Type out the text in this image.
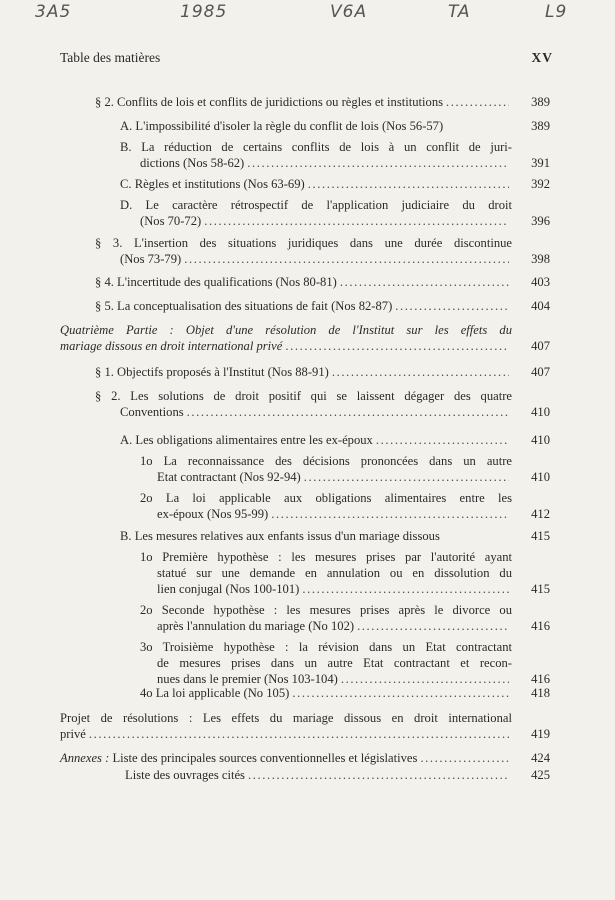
3A5	1985	V6A	TA	L9
Table des matières	XV
§ 2. Conflits de lois et conflits de juridictions ou règles et institutions .....	389
A. L'impossibilité d'isoler la règle du conflit de lois (Nos 56-57)	389
B. La réduction de certains conflits de lois à un conflit de juri-
dictions (Nos 58-62) .....	391
C. Règles et institutions (Nos 63-69) .....	392
D. Le caractère rétrospectif de l'application judiciaire du droit
(Nos 70-72) .....	396
§ 3. L'insertion des situations juridiques dans une durée discontinue
(Nos 73-79) .....	398
§ 4. L'incertitude des qualifications (Nos 80-81) .....	403
§ 5. La conceptualisation des situations de fait (Nos 82-87) .....	404
Quatrième Partie : Objet d'une résolution de l'Institut sur les effets du
mariage dissous en droit international privé .....	407
§ 1. Objectifs proposés à l'Institut (Nos 88-91) .....	407
§ 2. Les solutions de droit positif qui se laissent dégager des quatre
Conventions .....	410
A. Les obligations alimentaires entre les ex-époux .....	410
1o La reconnaissance des décisions prononcées dans un autre
Etat contractant (Nos 92-94) .....	410
2o La loi applicable aux obligations alimentaires entre les
ex-époux (Nos 95-99) .....	412
B. Les mesures relatives aux enfants issus d'un mariage dissous	415
1o Première hypothèse : les mesures prises par l'autorité ayant
statué sur une demande en annulation ou en dissolution du
lien conjugal (Nos 100-101) .....	415
2o Seconde hypothèse : les mesures prises après le divorce ou
après l'annulation du mariage (No 102) .....	416
3o Troisième hypothèse : la révision dans un Etat contractant
de mesures prises dans un autre Etat contractant et recon-
nues dans le premier (Nos 103-104) .....	416
4o La loi applicable (No 105) .....	418
Projet de résolutions : Les effets du mariage dissous en droit international
privé .....	419
Annexes : Liste des principales sources conventionnelles et législatives .....	424
Liste des ouvrages cités .....	425
